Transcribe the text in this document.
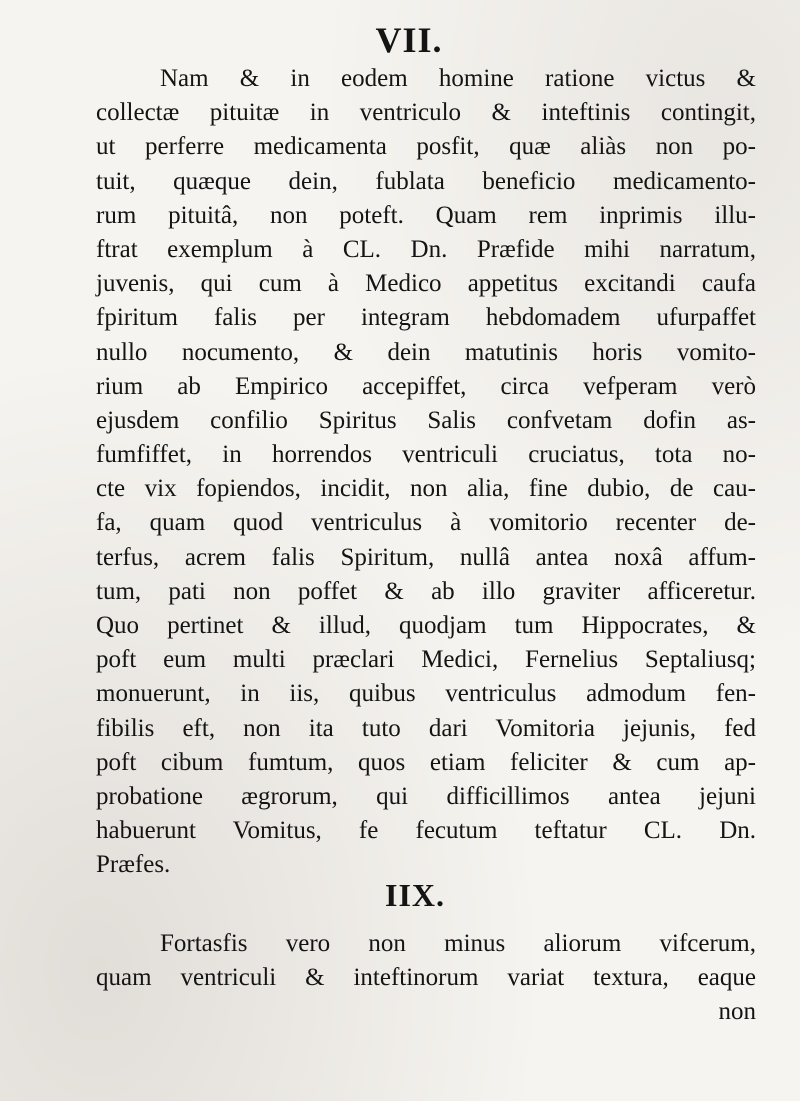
VII.
Nam & in eodem homine ratione victus &
collectæ pituitæ in ventriculo & inteftinis contingit,
ut perferre medicamenta posfit, quæ aliàs non po-
tuit, quæque dein, fublata beneficio medicamento-
rum pituitâ, non poteft. Quam rem inprimis illu-
ftrat exemplum à CL. Dn. Præfide mihi narratum,
juvenis, qui cum à Medico appetitus excitandi caufa
fpiritum falis per integram hebdomadem ufurpaffet
nullo nocumento, & dein matutinis horis vomito-
rium ab Empirico accepiffet, circa vefperam verò
ejusdem confilio Spiritus Salis confvetam dofin as-
fumfiffet, in horrendos ventriculi cruciatus, tota no-
cte vix fopiendos, incidit, non alia, fine dubio, de cau-
fa, quam quod ventriculus à vomitorio recenter de-
terfus, acrem falis Spiritum, nullâ antea noxâ affum-
tum, pati non poffet & ab illo graviter afficeretur.
Quo pertinet & illud, quodjam tum Hippocrates, &
poft eum multi præclari Medici, Fernelius Septaliusq;
monuerunt, in iis, quibus ventriculus admodum fen-
fibilis eft, non ita tuto dari Vomitoria jejunis, fed
poft cibum fumtum, quos etiam feliciter & cum ap-
probatione ægrorum, qui difficillimos antea jejuni
habuerunt Vomitus, fe fecutum teftatur CL. Dn.
Præfes.
IIX.
Fortasfis vero non minus aliorum vifcerum,
quam ventriculi & inteftinorum variat textura, eaque
non
